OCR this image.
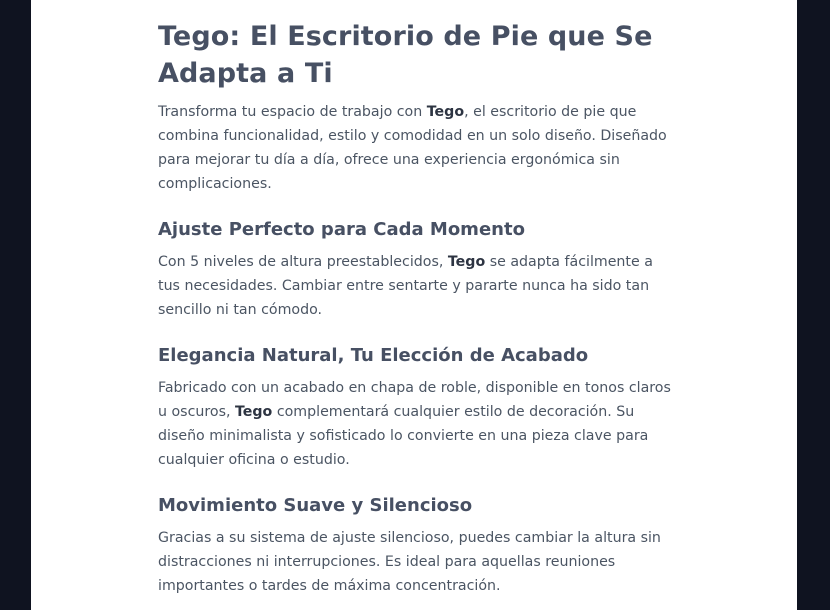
Tego: El Escritorio de Pie que Se Adapta a Ti

Transforma tu espacio de trabajo con Tego, el escritorio de pie que combina funcionalidad, estilo y comodidad en un solo diseño. Diseñado para mejorar tu día a día, ofrece una experiencia ergonómica sin complicaciones.

Ajuste Perfecto para Cada Momento

Con 5 niveles de altura preestablecidos, Tego se adapta fácilmente a tus necesidades. Cambiar entre sentarte y pararte nunca ha sido tan sencillo ni tan cómodo.

Elegancia Natural, Tu Elección de Acabado

Fabricado con un acabado en chapa de roble, disponible en tonos claros u oscuros, Tego complementará cualquier estilo de decoración. Su diseño minimalista y sofisticado lo convierte en una pieza clave para cualquier oficina o estudio.

Movimiento Suave y Silencioso

Gracias a su sistema de ajuste silencioso, puedes cambiar la altura sin distracciones ni interrupciones. Es ideal para aquellas reuniones importantes o tardes de máxima concentración.
